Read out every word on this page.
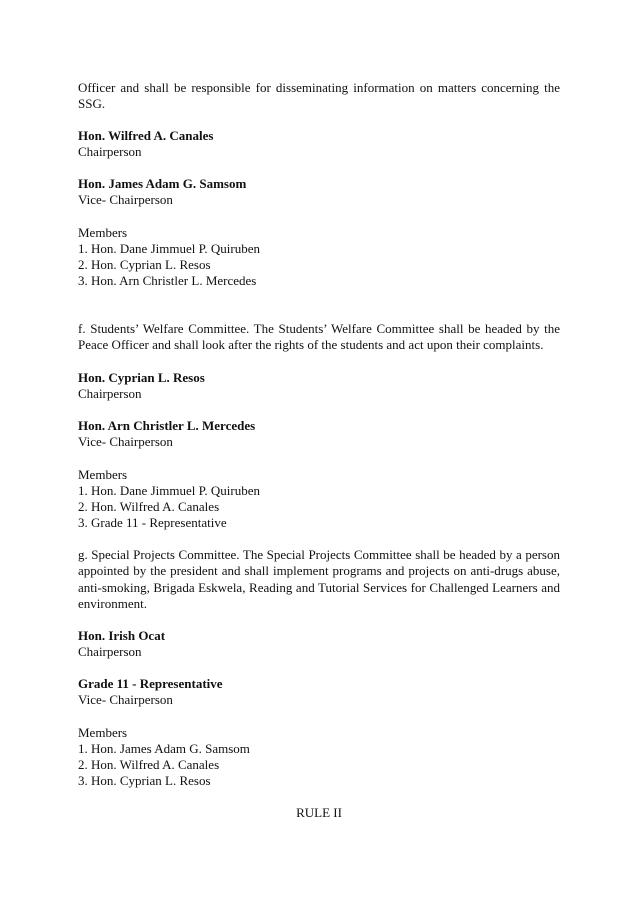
Officer and shall be responsible for disseminating information on matters concerning the SSG.

Hon. Wilfred A. Canales

Chairperson

Hon. James Adam G. Samsom

Vice- Chairperson

Members

1. Hon. Dane Jimmuel P. Quiruben

2. Hon. Cyprian L. Resos

3. Hon. Arn Christler L. Mercedes

f. Students’ Welfare Committee. The Students’ Welfare Committee shall be headed by the Peace Officer and shall look after the rights of the students and act upon their complaints.

Hon. Cyprian L. Resos

Chairperson

Hon. Arn Christler L. Mercedes

Vice- Chairperson

Members

1. Hon. Dane Jimmuel P. Quiruben

2. Hon. Wilfred A. Canales

3. Grade 11 - Representative

g. Special Projects Committee. The Special Projects Committee shall be headed by a person appointed by the president and shall implement programs and projects on anti-drugs abuse, anti-smoking, Brigada Eskwela, Reading and Tutorial Services for Challenged Learners and environment.

Hon. Irish Ocat

Chairperson

Grade 11 - Representative

Vice- Chairperson

Members

1. Hon. James Adam G. Samsom

2. Hon. Wilfred A. Canales

3. Hon. Cyprian L. Resos

RULE II
